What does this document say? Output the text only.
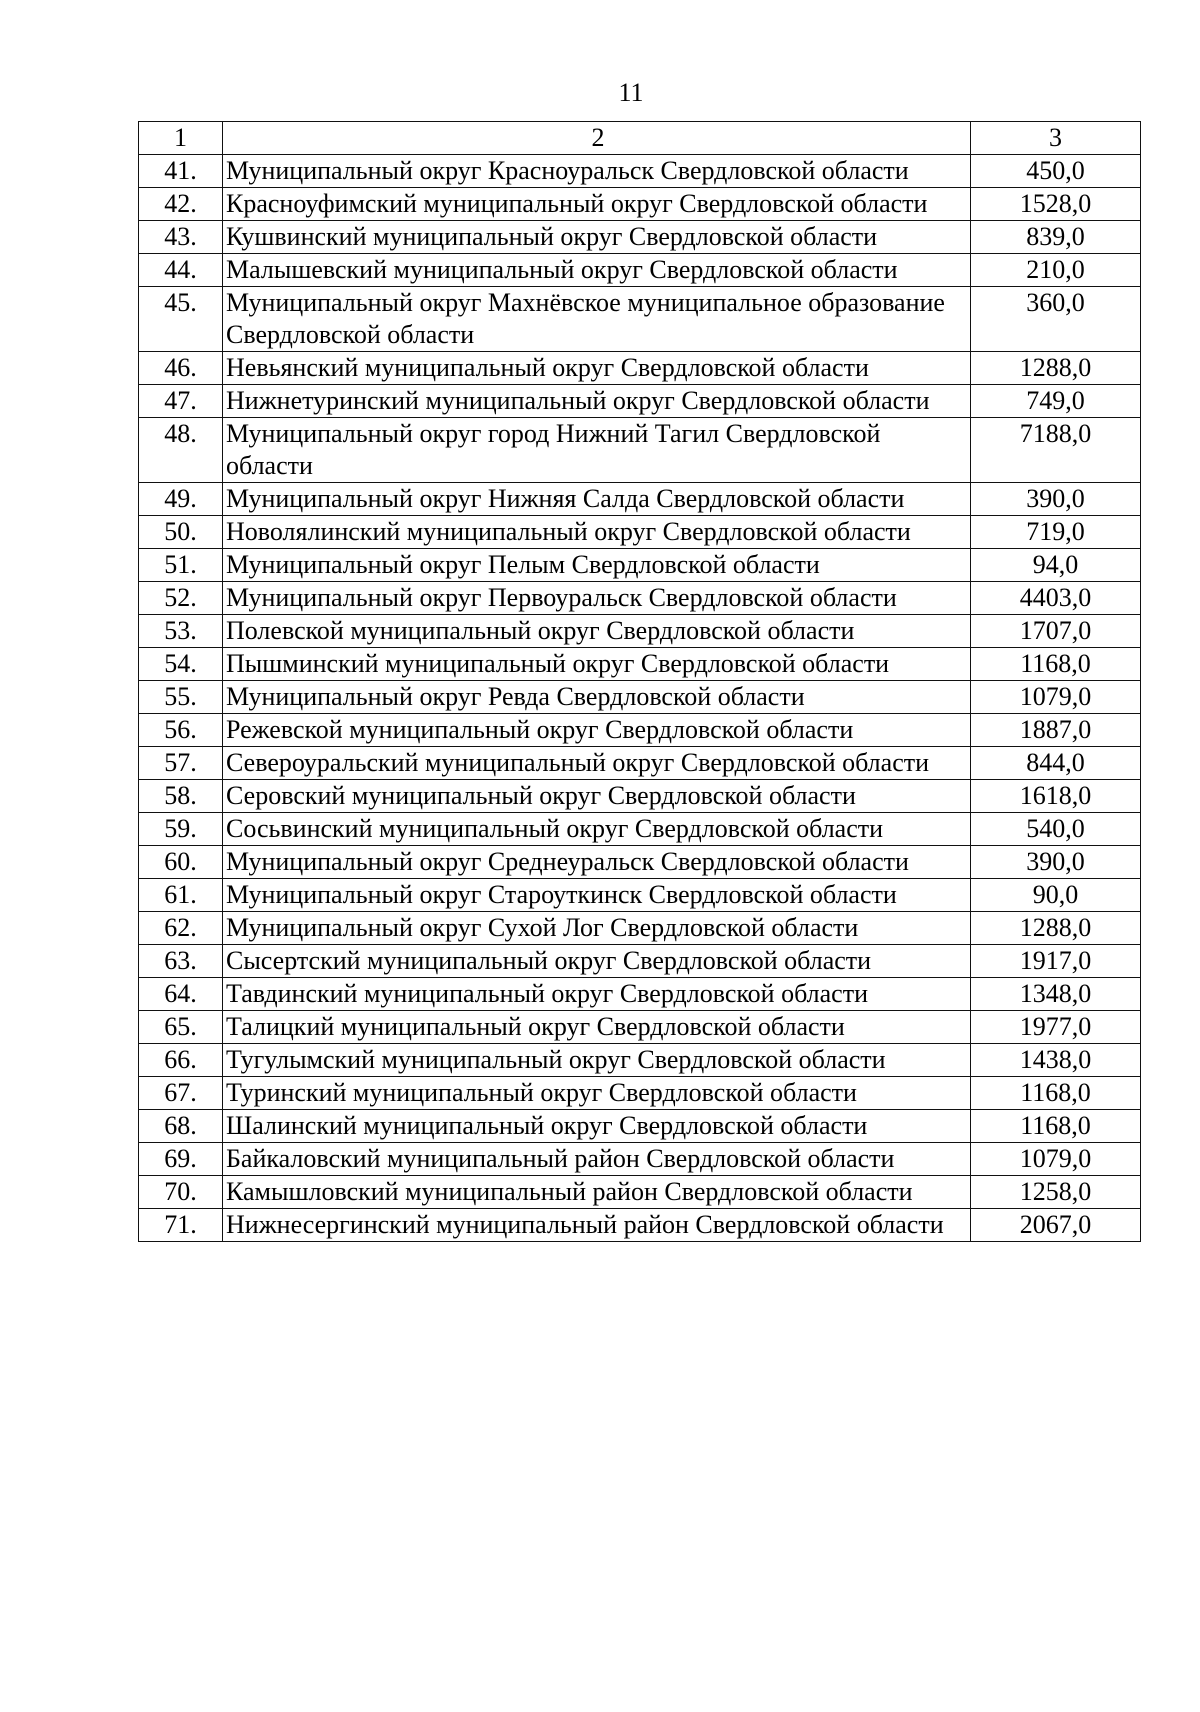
11
1	2	3
41.	Муниципальный округ Красноуральск Свердловской области	450,0
42.	Красноуфимский муниципальный округ Свердловской области	1528,0
43.	Кушвинский муниципальный округ Свердловской области	839,0
44.	Малышевский муниципальный округ Свердловской области	210,0
45.	Муниципальный округ Махнёвское муниципальное образование Свердловской области	360,0
46.	Невьянский муниципальный округ Свердловской области	1288,0
47.	Нижнетуринский муниципальный округ Свердловской области	749,0
48.	Муниципальный округ город Нижний Тагил Свердловской области	7188,0
49.	Муниципальный округ Нижняя Салда Свердловской области	390,0
50.	Новолялинский муниципальный округ Свердловской области	719,0
51.	Муниципальный округ Пелым Свердловской области	94,0
52.	Муниципальный округ Первоуральск Свердловской области	4403,0
53.	Полевской муниципальный округ Свердловской области	1707,0
54.	Пышминский муниципальный округ Свердловской области	1168,0
55.	Муниципальный округ Ревда Свердловской области	1079,0
56.	Режевской муниципальный округ Свердловской области	1887,0
57.	Североуральский муниципальный округ Свердловской области	844,0
58.	Серовский муниципальный округ Свердловской области	1618,0
59.	Сосьвинский муниципальный округ Свердловской области	540,0
60.	Муниципальный округ Среднеуральск Свердловской области	390,0
61.	Муниципальный округ Староуткинск Свердловской области	90,0
62.	Муниципальный округ Сухой Лог Свердловской области	1288,0
63.	Сысертский муниципальный округ Свердловской области	1917,0
64.	Тавдинский муниципальный округ Свердловской области	1348,0
65.	Талицкий муниципальный округ Свердловской области	1977,0
66.	Тугулымский муниципальный округ Свердловской области	1438,0
67.	Туринский муниципальный округ Свердловской области	1168,0
68.	Шалинский муниципальный округ Свердловской области	1168,0
69.	Байкаловский муниципальный район Свердловской области	1079,0
70.	Камышловский муниципальный район Свердловской области	1258,0
71.	Нижнесергинский муниципальный район Свердловской области	2067,0
